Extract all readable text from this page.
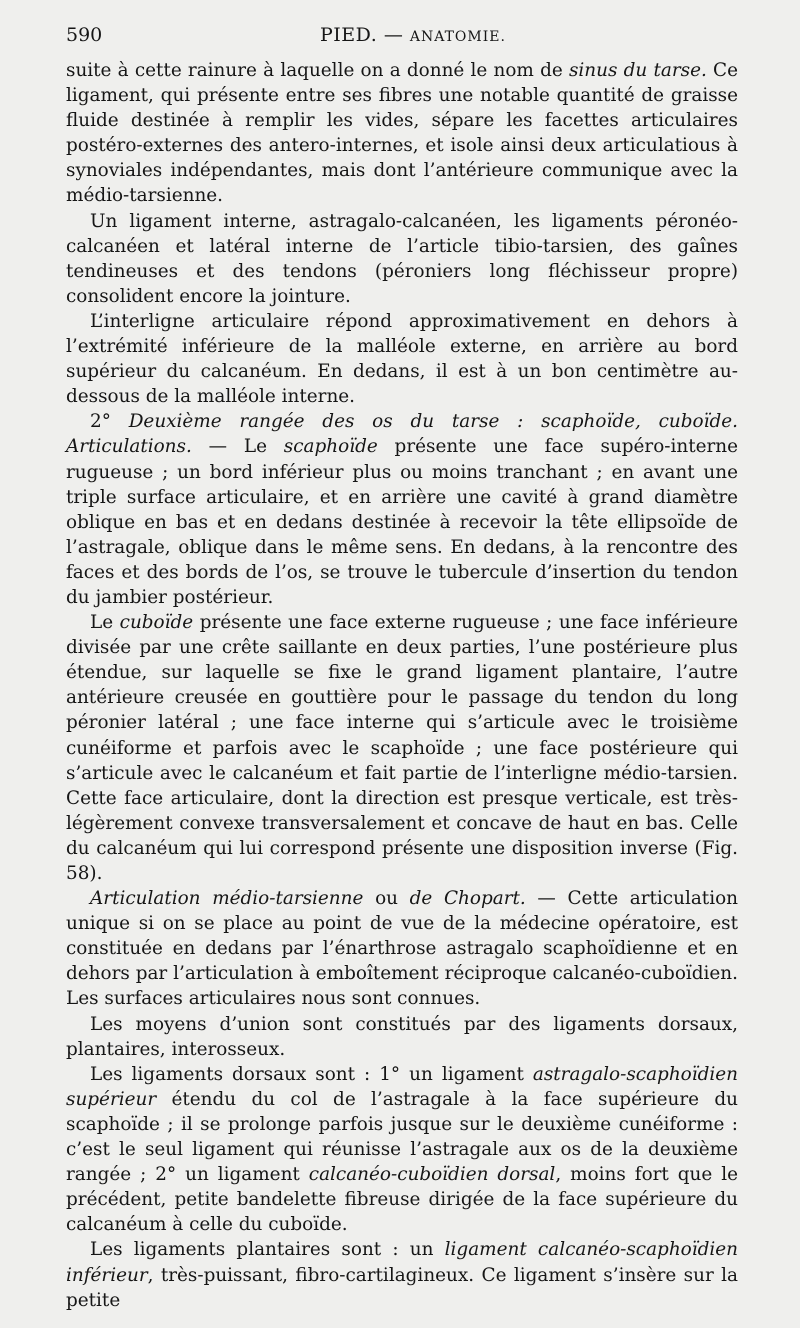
590	PIED. — ANATOMIE.

suite à cette rainure à laquelle on a donné le nom de sinus du tarse. Ce ligament, qui présente entre ses fibres une notable quantité de graisse fluide destinée à remplir les vides, sépare les facettes articulaires postéro-externes des antero-internes, et isole ainsi deux articulatious à synoviales indépendantes, mais dont l’antérieure communique avec la médio-tarsienne.

Un ligament interne, astragalo-calcanéen, les ligaments péronéo-calcanéen et latéral interne de l’article tibio-tarsien, des gaînes tendineuses et des tendons (péroniers long fléchisseur propre) consolident encore la jointure.

L’interligne articulaire répond approximativement en dehors à l’extrémité inférieure de la malléole externe, en arrière au bord supérieur du calcanéum. En dedans, il est à un bon centimètre au-dessous de la malléole interne.

2° Deuxième rangée des os du tarse : scaphoïde, cuboïde. Articulations. — Le scaphoïde présente une face supéro-interne rugueuse ; un bord inférieur plus ou moins tranchant ; en avant une triple surface articulaire, et en arrière une cavité à grand diamètre oblique en bas et en dedans destinée à recevoir la tête ellipsoïde de l’astragale, oblique dans le même sens. En dedans, à la rencontre des faces et des bords de l’os, se trouve le tubercule d’insertion du tendon du jambier postérieur.

Le cuboïde présente une face externe rugueuse ; une face inférieure divisée par une crête saillante en deux parties, l’une postérieure plus étendue, sur laquelle se fixe le grand ligament plantaire, l’autre antérieure creusée en gouttière pour le passage du tendon du long péronier latéral ; une face interne qui s’articule avec le troisième cunéiforme et parfois avec le scaphoïde ; une face postérieure qui s’articule avec le calcanéum et fait partie de l’interligne médio-tarsien. Cette face articulaire, dont la direction est presque verticale, est très-légèrement convexe transversalement et concave de haut en bas. Celle du calcanéum qui lui correspond présente une disposition inverse (Fig. 58).

Articulation médio-tarsienne ou de Chopart. — Cette articulation unique si on se place au point de vue de la médecine opératoire, est constituée en dedans par l’énarthrose astragalo scaphoïdienne et en dehors par l’articulation à emboîtement réciproque calcanéo-cuboïdien. Les surfaces articulaires nous sont connues.

Les moyens d’union sont constitués par des ligaments dorsaux, plantaires, interosseux.

Les ligaments dorsaux sont : 1° un ligament astragalo-scaphoïdien supérieur étendu du col de l’astragale à la face supérieure du scaphoïde ; il se prolonge parfois jusque sur le deuxième cunéiforme : c’est le seul ligament qui réunisse l’astragale aux os de la deuxième rangée ; 2° un ligament calcanéo-cuboïdien dorsal, moins fort que le précédent, petite bandelette fibreuse dirigée de la face supérieure du calcanéum à celle du cuboïde.

Les ligaments plantaires sont : un ligament calcanéo-scaphoïdien inférieur, très-puissant, fibro-cartilagineux. Ce ligament s’insère sur la petite
